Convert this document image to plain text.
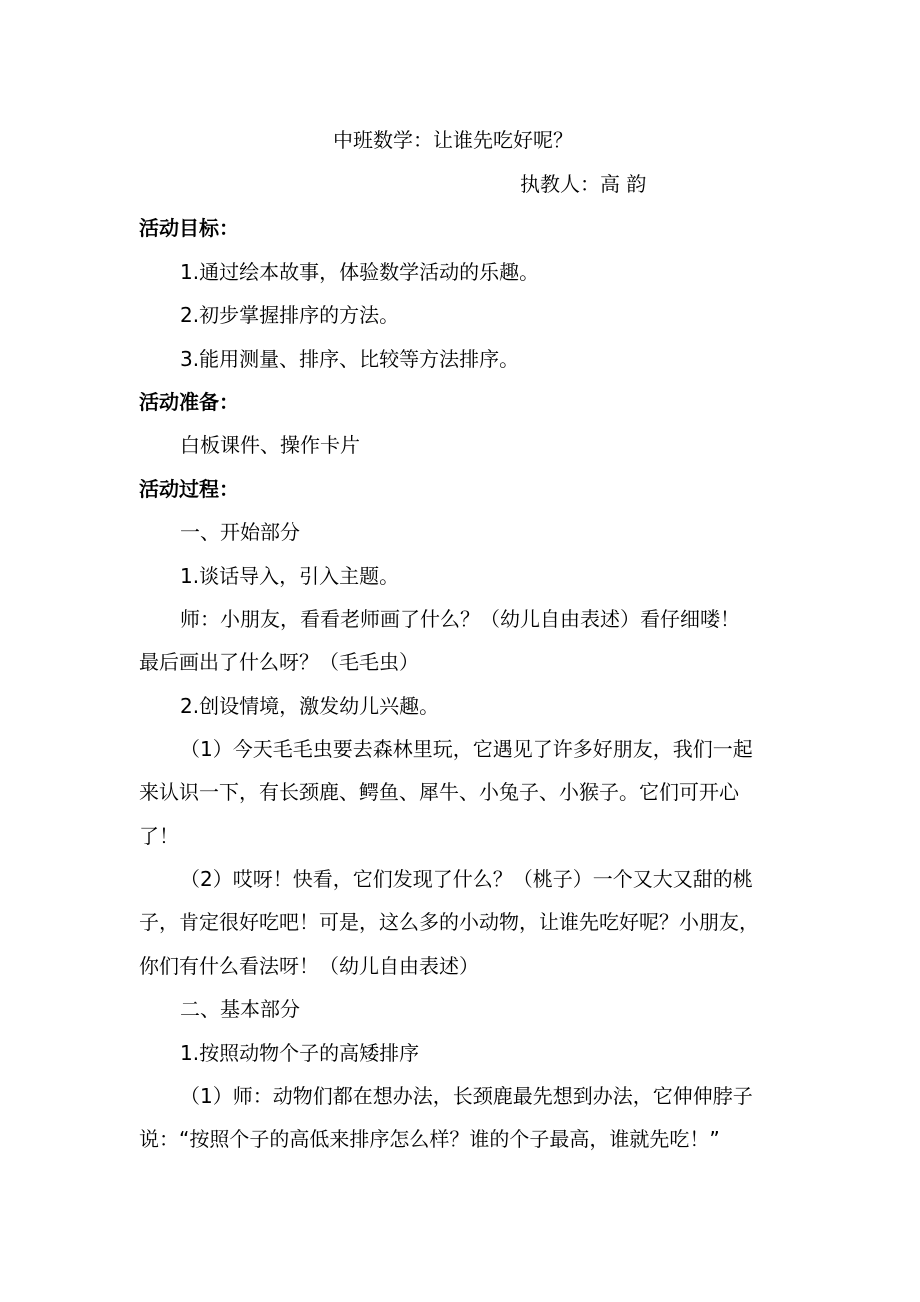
中班数学：让谁先吃好呢？
执教人：高 韵
活动目标：
1.通过绘本故事，体验数学活动的乐趣。
2.初步掌握排序的方法。
3.能用测量、排序、比较等方法排序。
活动准备：
白板课件、操作卡片
活动过程：
一、开始部分
1.谈话导入，引入主题。
师：小朋友，看看老师画了什么？（幼儿自由表述）看仔细喽！
最后画出了什么呀？（毛毛虫）
2.创设情境，激发幼儿兴趣。
（1）今天毛毛虫要去森林里玩，它遇见了许多好朋友，我们一起
来认识一下，有长颈鹿、鳄鱼、犀牛、小兔子、小猴子。它们可开心
了！
（2）哎呀！快看，它们发现了什么？（桃子）一个又大又甜的桃
子，肯定很好吃吧！可是，这么多的小动物，让谁先吃好呢？小朋友，
你们有什么看法呀！（幼儿自由表述）
二、基本部分
1.按照动物个子的高矮排序
（1）师：动物们都在想办法，长颈鹿最先想到办法，它伸伸脖子
说：“按照个子的高低来排序怎么样？谁的个子最高，谁就先吃！”
